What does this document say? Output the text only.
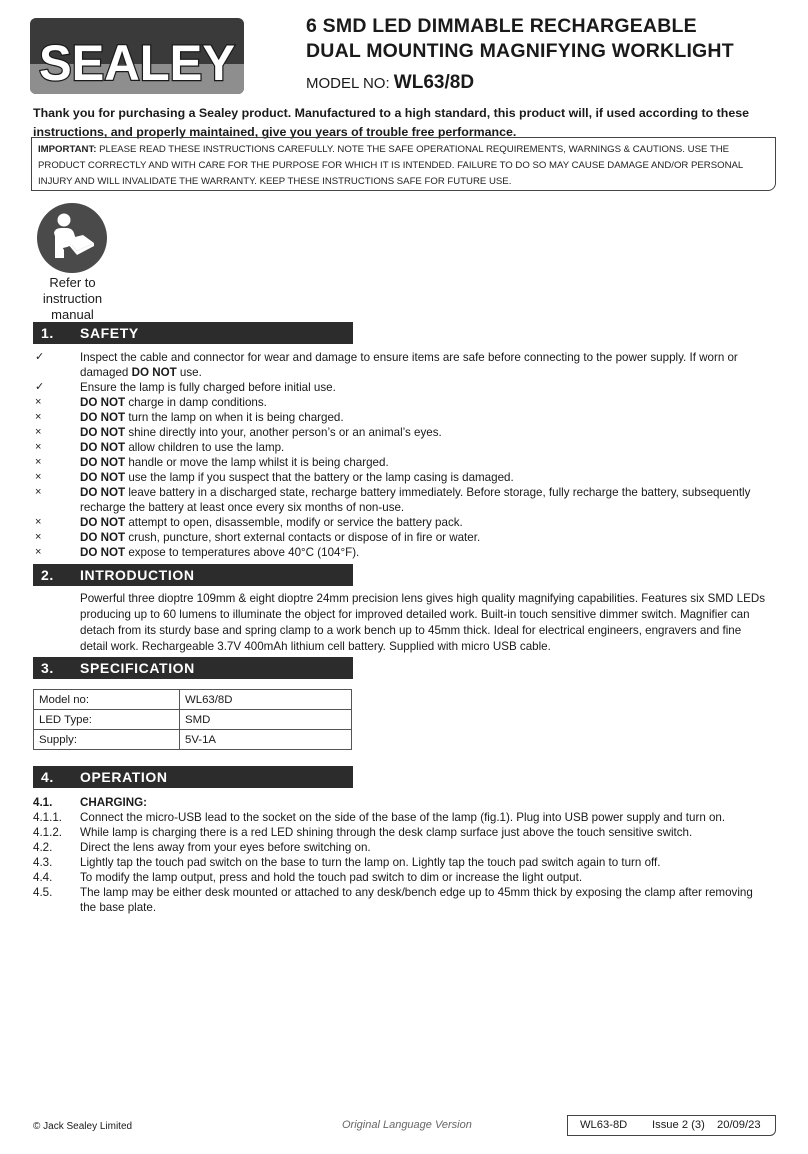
SEALEY
6 SMD LED DIMMABLE RECHARGEABLE
DUAL MOUNTING MAGNIFYING WORKLIGHT
MODEL NO: WL63/8D
Thank you for purchasing a Sealey product. Manufactured to a high standard, this product will, if used according to these instructions, and properly maintained, give you years of trouble free performance.
IMPORTANT: PLEASE READ THESE INSTRUCTIONS CAREFULLY. NOTE THE SAFE OPERATIONAL REQUIREMENTS, WARNINGS & CAUTIONS. USE THE PRODUCT CORRECTLY AND WITH CARE FOR THE PURPOSE FOR WHICH IT IS INTENDED. FAILURE TO DO SO MAY CAUSE DAMAGE AND/OR PERSONAL INJURY AND WILL INVALIDATE THE WARRANTY. KEEP THESE INSTRUCTIONS SAFE FOR FUTURE USE.
Refer to instruction manual
1. SAFETY
✓	Inspect the cable and connector for wear and damage to ensure items are safe before connecting to the power supply. If worn or damaged DO NOT use.
✓	Ensure the lamp is fully charged before initial use.
×	DO NOT charge in damp conditions.
×	DO NOT turn the lamp on when it is being charged.
×	DO NOT shine directly into your, another person’s or an animal’s eyes.
×	DO NOT allow children to use the lamp.
×	DO NOT handle or move the lamp whilst it is being charged.
×	DO NOT use the lamp if you suspect that the battery or the lamp casing is damaged.
×	DO NOT leave battery in a discharged state, recharge battery immediately. Before storage, fully recharge the battery, subsequently recharge the battery at least once every six months of non-use.
×	DO NOT attempt to open, disassemble, modify or service the battery pack.
×	DO NOT crush, puncture, short external contacts or dispose of in fire or water.
×	DO NOT expose to temperatures above 40°C (104°F).
2. INTRODUCTION
Powerful three dioptre 109mm & eight dioptre 24mm precision lens gives high quality magnifying capabilities. Features six SMD LEDs producing up to 60 lumens to illuminate the object for improved detailed work. Built-in touch sensitive dimmer switch. Magnifier can detach from its sturdy base and spring clamp to a work bench up to 45mm thick. Ideal for electrical engineers, engravers and fine detail work. Rechargeable 3.7V 400mAh lithium cell battery. Supplied with micro USB cable.
3. SPECIFICATION
Model no:	WL63/8D
LED Type:	SMD
Supply:	5V-1A
4. OPERATION
4.1. CHARGING:
4.1.1. Connect the micro-USB lead to the socket on the side of the base of the lamp (fig.1). Plug into USB power supply and turn on.
4.1.2. While lamp is charging there is a red LED shining through the desk clamp surface just above the touch sensitive switch.
4.2. Direct the lens away from your eyes before switching on.
4.3. Lightly tap the touch pad switch on the base to turn the lamp on. Lightly tap the touch pad switch again to turn off.
4.4. To modify the lamp output, press and hold the touch pad switch to dim or increase the light output.
4.5. The lamp may be either desk mounted or attached to any desk/bench edge up to 45mm thick by exposing the clamp after removing the base plate.
© Jack Sealey Limited	Original Language Version	WL63-8D Issue 2 (3) 20/09/23
